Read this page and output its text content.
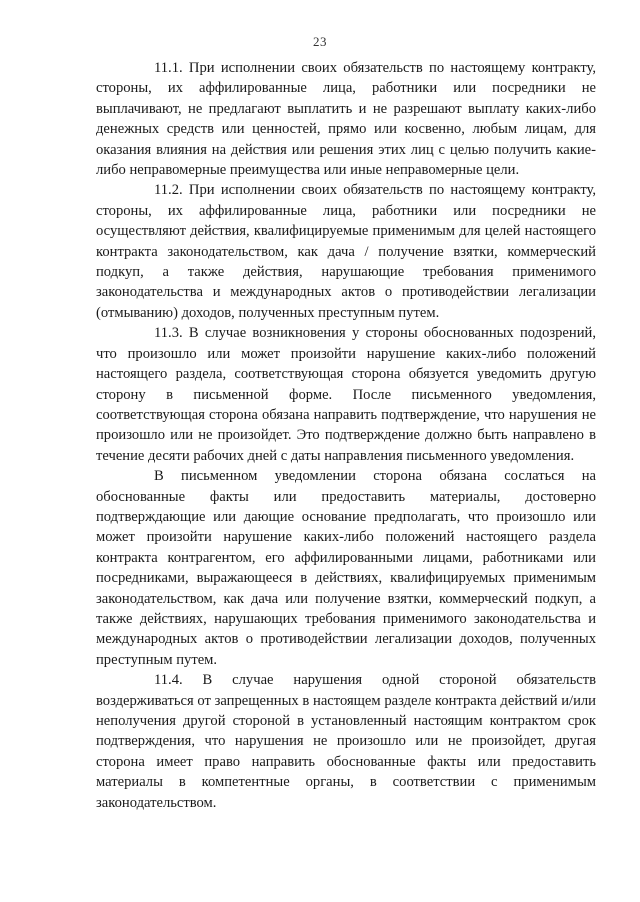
23

11.1. При исполнении своих обязательств по настоящему контракту, стороны, их аффилированные лица, работники или посредники не выплачивают, не предлагают выплатить и не разрешают выплату каких-либо денежных средств или ценностей, прямо или косвенно, любым лицам, для оказания влияния на действия или решения этих лиц с целью получить какие-либо неправомерные преимущества или иные неправомерные цели.

11.2. При исполнении своих обязательств по настоящему контракту, стороны, их аффилированные лица, работники или посредники не осуществляют действия, квалифицируемые применимым для целей настоящего контракта законодательством, как дача / получение взятки, коммерческий подкуп, а также действия, нарушающие требования применимого законодательства и международных актов о противодействии легализации (отмыванию) доходов, полученных преступным путем.

11.3. В случае возникновения у стороны обоснованных подозрений, что произошло или может произойти нарушение каких-либо положений настоящего раздела, соответствующая сторона обязуется уведомить другую сторону в письменной форме. После письменного уведомления, соответствующая сторона обязана направить подтверждение, что нарушения не произошло или не произойдет. Это подтверждение должно быть направлено в течение десяти рабочих дней с даты направления письменного уведомления.

В письменном уведомлении сторона обязана сослаться на обоснованные факты или предоставить материалы, достоверно подтверждающие или дающие основание предполагать, что произошло или может произойти нарушение каких-либо положений настоящего раздела контракта контрагентом, его аффилированными лицами, работниками или посредниками, выражающееся в действиях, квалифицируемых применимым законодательством, как дача или получение взятки, коммерческий подкуп, а также действиях, нарушающих требования применимого законодательства и международных актов о противодействии легализации доходов, полученных преступным путем.

11.4. В случае нарушения одной стороной обязательств воздерживаться от запрещенных в настоящем разделе контракта действий и/или неполучения другой стороной в установленный настоящим контрактом срок подтверждения, что нарушения не произошло или не произойдет, другая сторона имеет право направить обоснованные факты или предоставить материалы в компетентные органы, в соответствии с применимым законодательством.
